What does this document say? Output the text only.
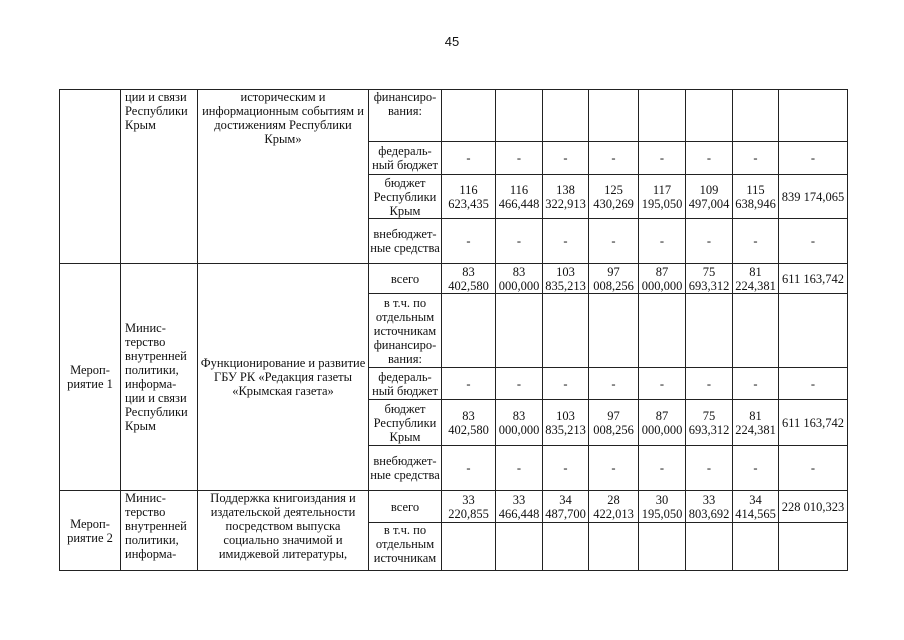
45
	ции и связи Республики Крым	историческим и информационным событиям и достижениям Республики Крым»	финансиро-вания:								
			федераль-ный бюджет	-	-	-	-	-	-	-	-
			бюджет Республики Крым	116 623,435	116 466,448	138 322,913	125 430,269	117 195,050	109 497,004	115 638,946	839 174,065
			внебюджет-ные средства	-	-	-	-	-	-	-	-
Мероп-риятие 1	Минис-терство внутренней политики, информа-ции и связи Республики Крым	Функционирование и развитие ГБУ РК «Редакция газеты «Крымская газета»	всего	83 402,580	83 000,000	103 835,213	97 008,256	87 000,000	75 693,312	81 224,381	611 163,742
			в т.ч. по отдельным источникам финансиро-вания:								
			федераль-ный бюджет	-	-	-	-	-	-	-	-
			бюджет Республики Крым	83 402,580	83 000,000	103 835,213	97 008,256	87 000,000	75 693,312	81 224,381	611 163,742
			внебюджет-ные средства	-	-	-	-	-	-	-	-
Мероп-риятие 2	Минис-терство внутренней политики, информа-	Поддержка книгоиздания и издательской деятельности посредством выпуска социально значимой и имиджевой литературы,	всего	33 220,855	33 466,448	34 487,700	28 422,013	30 195,050	33 803,692	34 414,565	228 010,323
			в т.ч. по отдельным источникам								
